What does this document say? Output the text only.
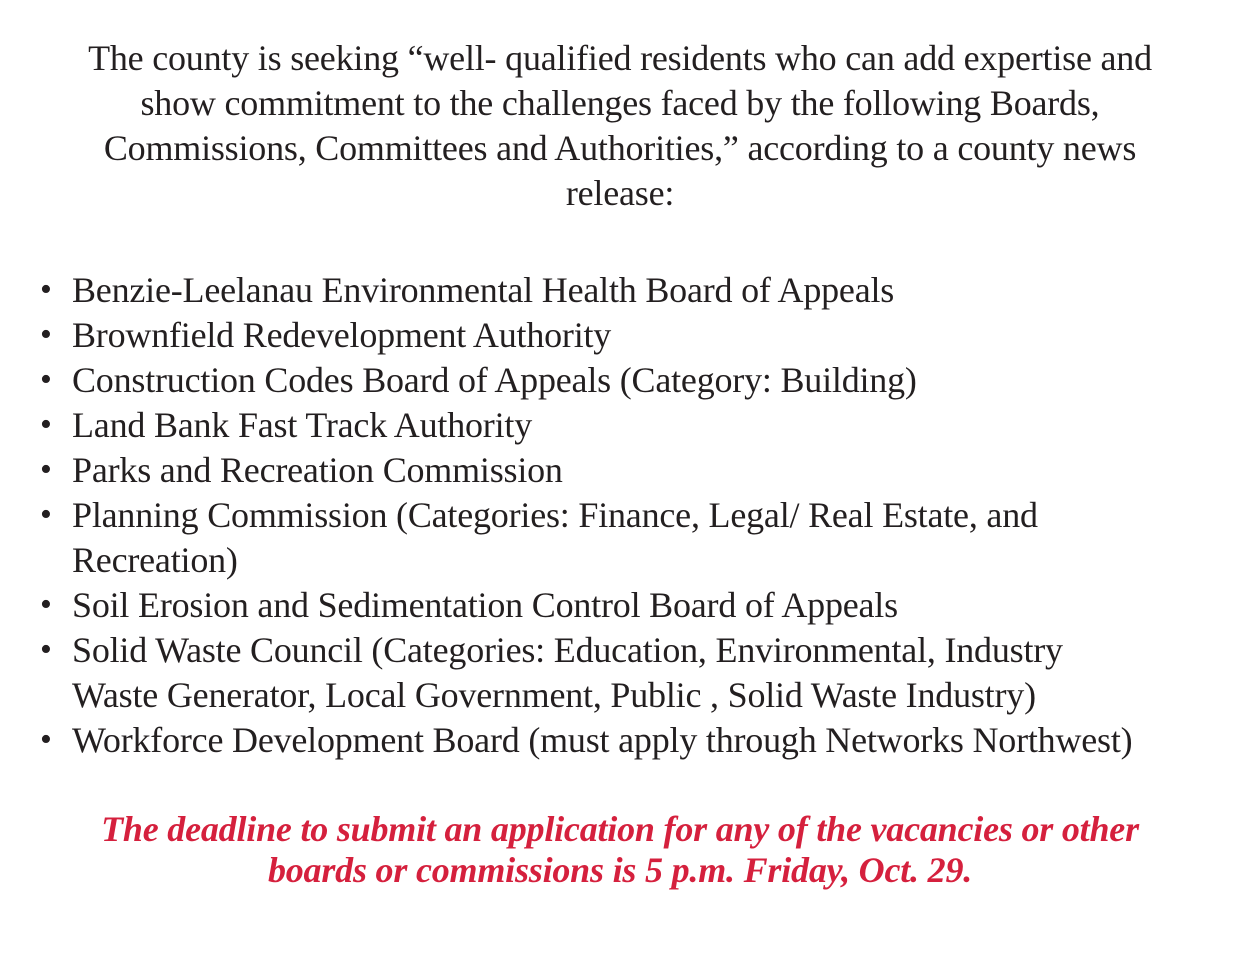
The county is seeking “well- qualified residents who can add expertise and show commitment to the challenges faced by the following Boards, Commissions, Committees and Authorities,” according to a county news release:

• Benzie-Leelanau Environmental Health Board of Appeals
• Brownfield Redevelopment Authority
• Construction Codes Board of Appeals (Category: Building)
• Land Bank Fast Track Authority
• Parks and Recreation Commission
• Planning Commission (Categories: Finance, Legal/ Real Estate, and Recreation)
• Soil Erosion and Sedimentation Control Board of Appeals
• Solid Waste Council (Categories: Education, Environmental, Industry Waste Generator, Local Government, Public , Solid Waste Industry)
• Workforce Development Board (must apply through Networks Northwest)

The deadline to submit an application for any of the vacancies or other boards or commissions is 5 p.m. Friday, Oct. 29.
